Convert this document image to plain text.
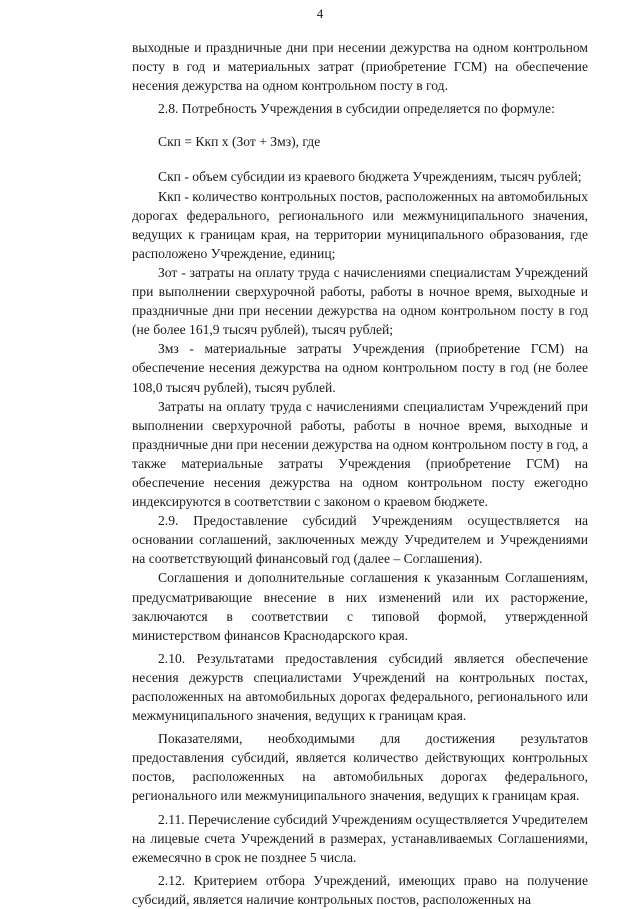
4

выходные и праздничные дни при несении дежурства на одном контрольном посту в год и материальных затрат (приобретение ГСМ) на обеспечение несения дежурства на одном контрольном посту в год.

2.8. Потребность Учреждения в субсидии определяется по формуле:

Скп = Ккп х (Зот + Змз), где

Скп - объем субсидии из краевого бюджета Учреждениям, тысяч рублей;

Ккп - количество контрольных постов, расположенных на автомобильных дорогах федерального, регионального или межмуниципального значения, ведущих к границам края, на территории муниципального образования, где расположено Учреждение, единиц;

Зот - затраты на оплату труда с начислениями специалистам Учреждений при выполнении сверхурочной работы, работы в ночное время, выходные и праздничные дни при несении дежурства на одном контрольном посту в год (не более 161,9 тысяч рублей), тысяч рублей;

Змз - материальные затраты Учреждения (приобретение ГСМ) на обеспечение несения дежурства на одном контрольном посту в год (не более 108,0 тысяч рублей), тысяч рублей.

Затраты на оплату труда с начислениями специалистам Учреждений при выполнении сверхурочной работы, работы в ночное время, выходные и праздничные дни при несении дежурства на одном контрольном посту в год, а также материальные затраты Учреждения (приобретение ГСМ) на обеспечение несения дежурства на одном контрольном посту ежегодно индексируются в соответствии с законом о краевом бюджете.

2.9. Предоставление субсидий Учреждениям осуществляется на основании соглашений, заключенных между Учредителем и Учреждениями на соответствующий финансовый год (далее – Соглашения).

Соглашения и дополнительные соглашения к указанным Соглашениям, предусматривающие внесение в них изменений или их расторжение, заключаются в соответствии с типовой формой, утвержденной министерством финансов Краснодарского края.

2.10. Результатами предоставления субсидий является обеспечение несения дежурств специалистами Учреждений на контрольных постах, расположенных на автомобильных дорогах федерального, регионального или межмуниципального значения, ведущих к границам края.

Показателями, необходимыми для достижения результатов предоставления субсидий, является количество действующих контрольных постов, расположенных на автомобильных дорогах федерального, регионального или межмуниципального значения, ведущих к границам края.

2.11. Перечисление субсидий Учреждениям осуществляется Учредителем на лицевые счета Учреждений в размерах, устанавливаемых Соглашениями, ежемесячно в срок не позднее 5 числа.

2.12. Критерием отбора Учреждений, имеющих право на получение субсидий, является наличие контрольных постов, расположенных на
